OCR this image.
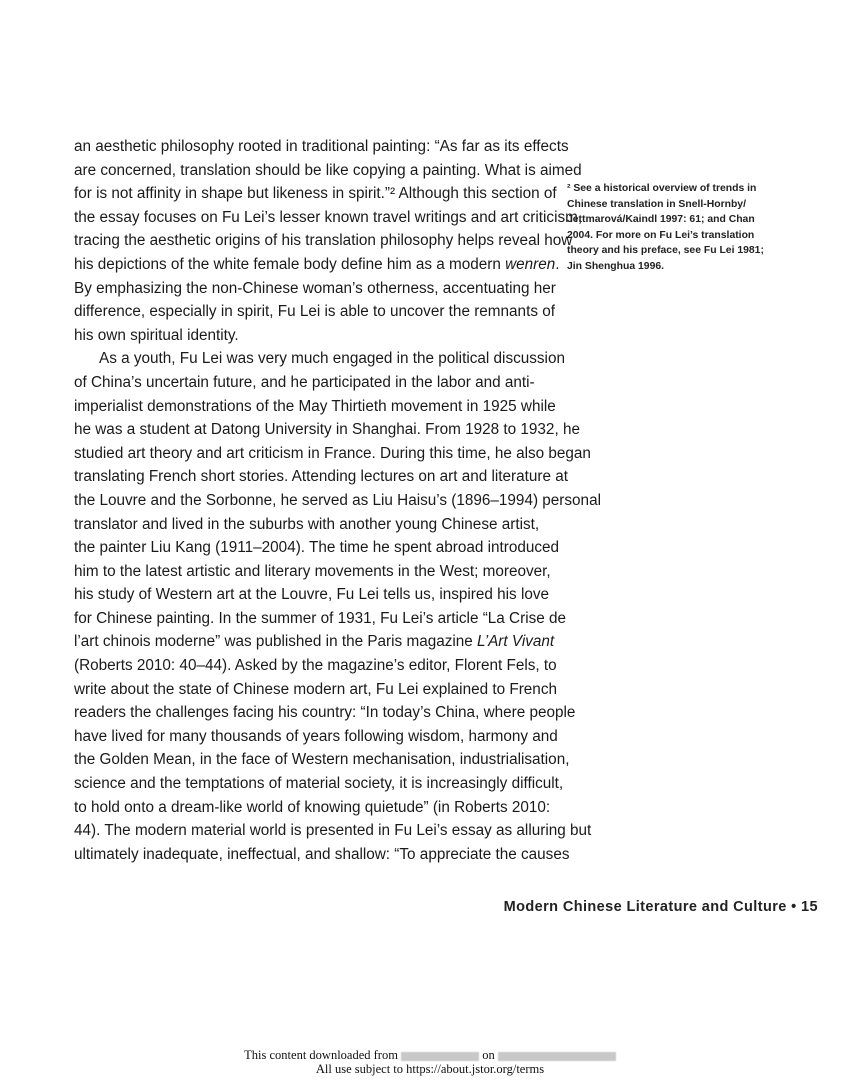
an aesthetic philosophy rooted in traditional painting: “As far as its effects
are concerned, translation should be like copying a painting. What is aimed
for is not affinity in shape but likeness in spirit.”² Although this section of
the essay focuses on Fu Lei’s lesser known travel writings and art criticism,
tracing the aesthetic origins of his translation philosophy helps reveal how
his depictions of the white female body define him as a modern wenren.
By emphasizing the non-Chinese woman’s otherness, accentuating her
difference, especially in spirit, Fu Lei is able to uncover the remnants of
his own spiritual identity.
As a youth, Fu Lei was very much engaged in the political discussion
of China’s uncertain future, and he participated in the labor and anti-
imperialist demonstrations of the May Thirtieth movement in 1925 while
he was a student at Datong University in Shanghai. From 1928 to 1932, he
studied art theory and art criticism in France. During this time, he also began
translating French short stories. Attending lectures on art and literature at
the Louvre and the Sorbonne, he served as Liu Haisu’s (1896–1994) personal
translator and lived in the suburbs with another young Chinese artist,
the painter Liu Kang (1911–2004). The time he spent abroad introduced
him to the latest artistic and literary movements in the West; moreover,
his study of Western art at the Louvre, Fu Lei tells us, inspired his love
for Chinese painting. In the summer of 1931, Fu Lei’s article “La Crise de
l’art chinois moderne” was published in the Paris magazine L’Art Vivant
(Roberts 2010: 40–44). Asked by the magazine’s editor, Florent Fels, to
write about the state of Chinese modern art, Fu Lei explained to French
readers the challenges facing his country: “In today’s China, where people
have lived for many thousands of years following wisdom, harmony and
the Golden Mean, in the face of Western mechanisation, industrialisation,
science and the temptations of material society, it is increasingly difficult,
to hold onto a dream-like world of knowing quietude” (in Roberts 2010:
44). The modern material world is presented in Fu Lei’s essay as alluring but
ultimately inadequate, ineffectual, and shallow: “To appreciate the causes
² See a historical overview of trends in
Chinese translation in Snell-Hornby/
Jettmarová/Kaindl 1997: 61; and Chan
2004. For more on Fu Lei’s translation
theory and his preface, see Fu Lei 1981;
Jin Shenghua 1996.
Modern Chinese Literature and Culture • 15
This content downloaded from	on
All use subject to https://about.jstor.org/terms
